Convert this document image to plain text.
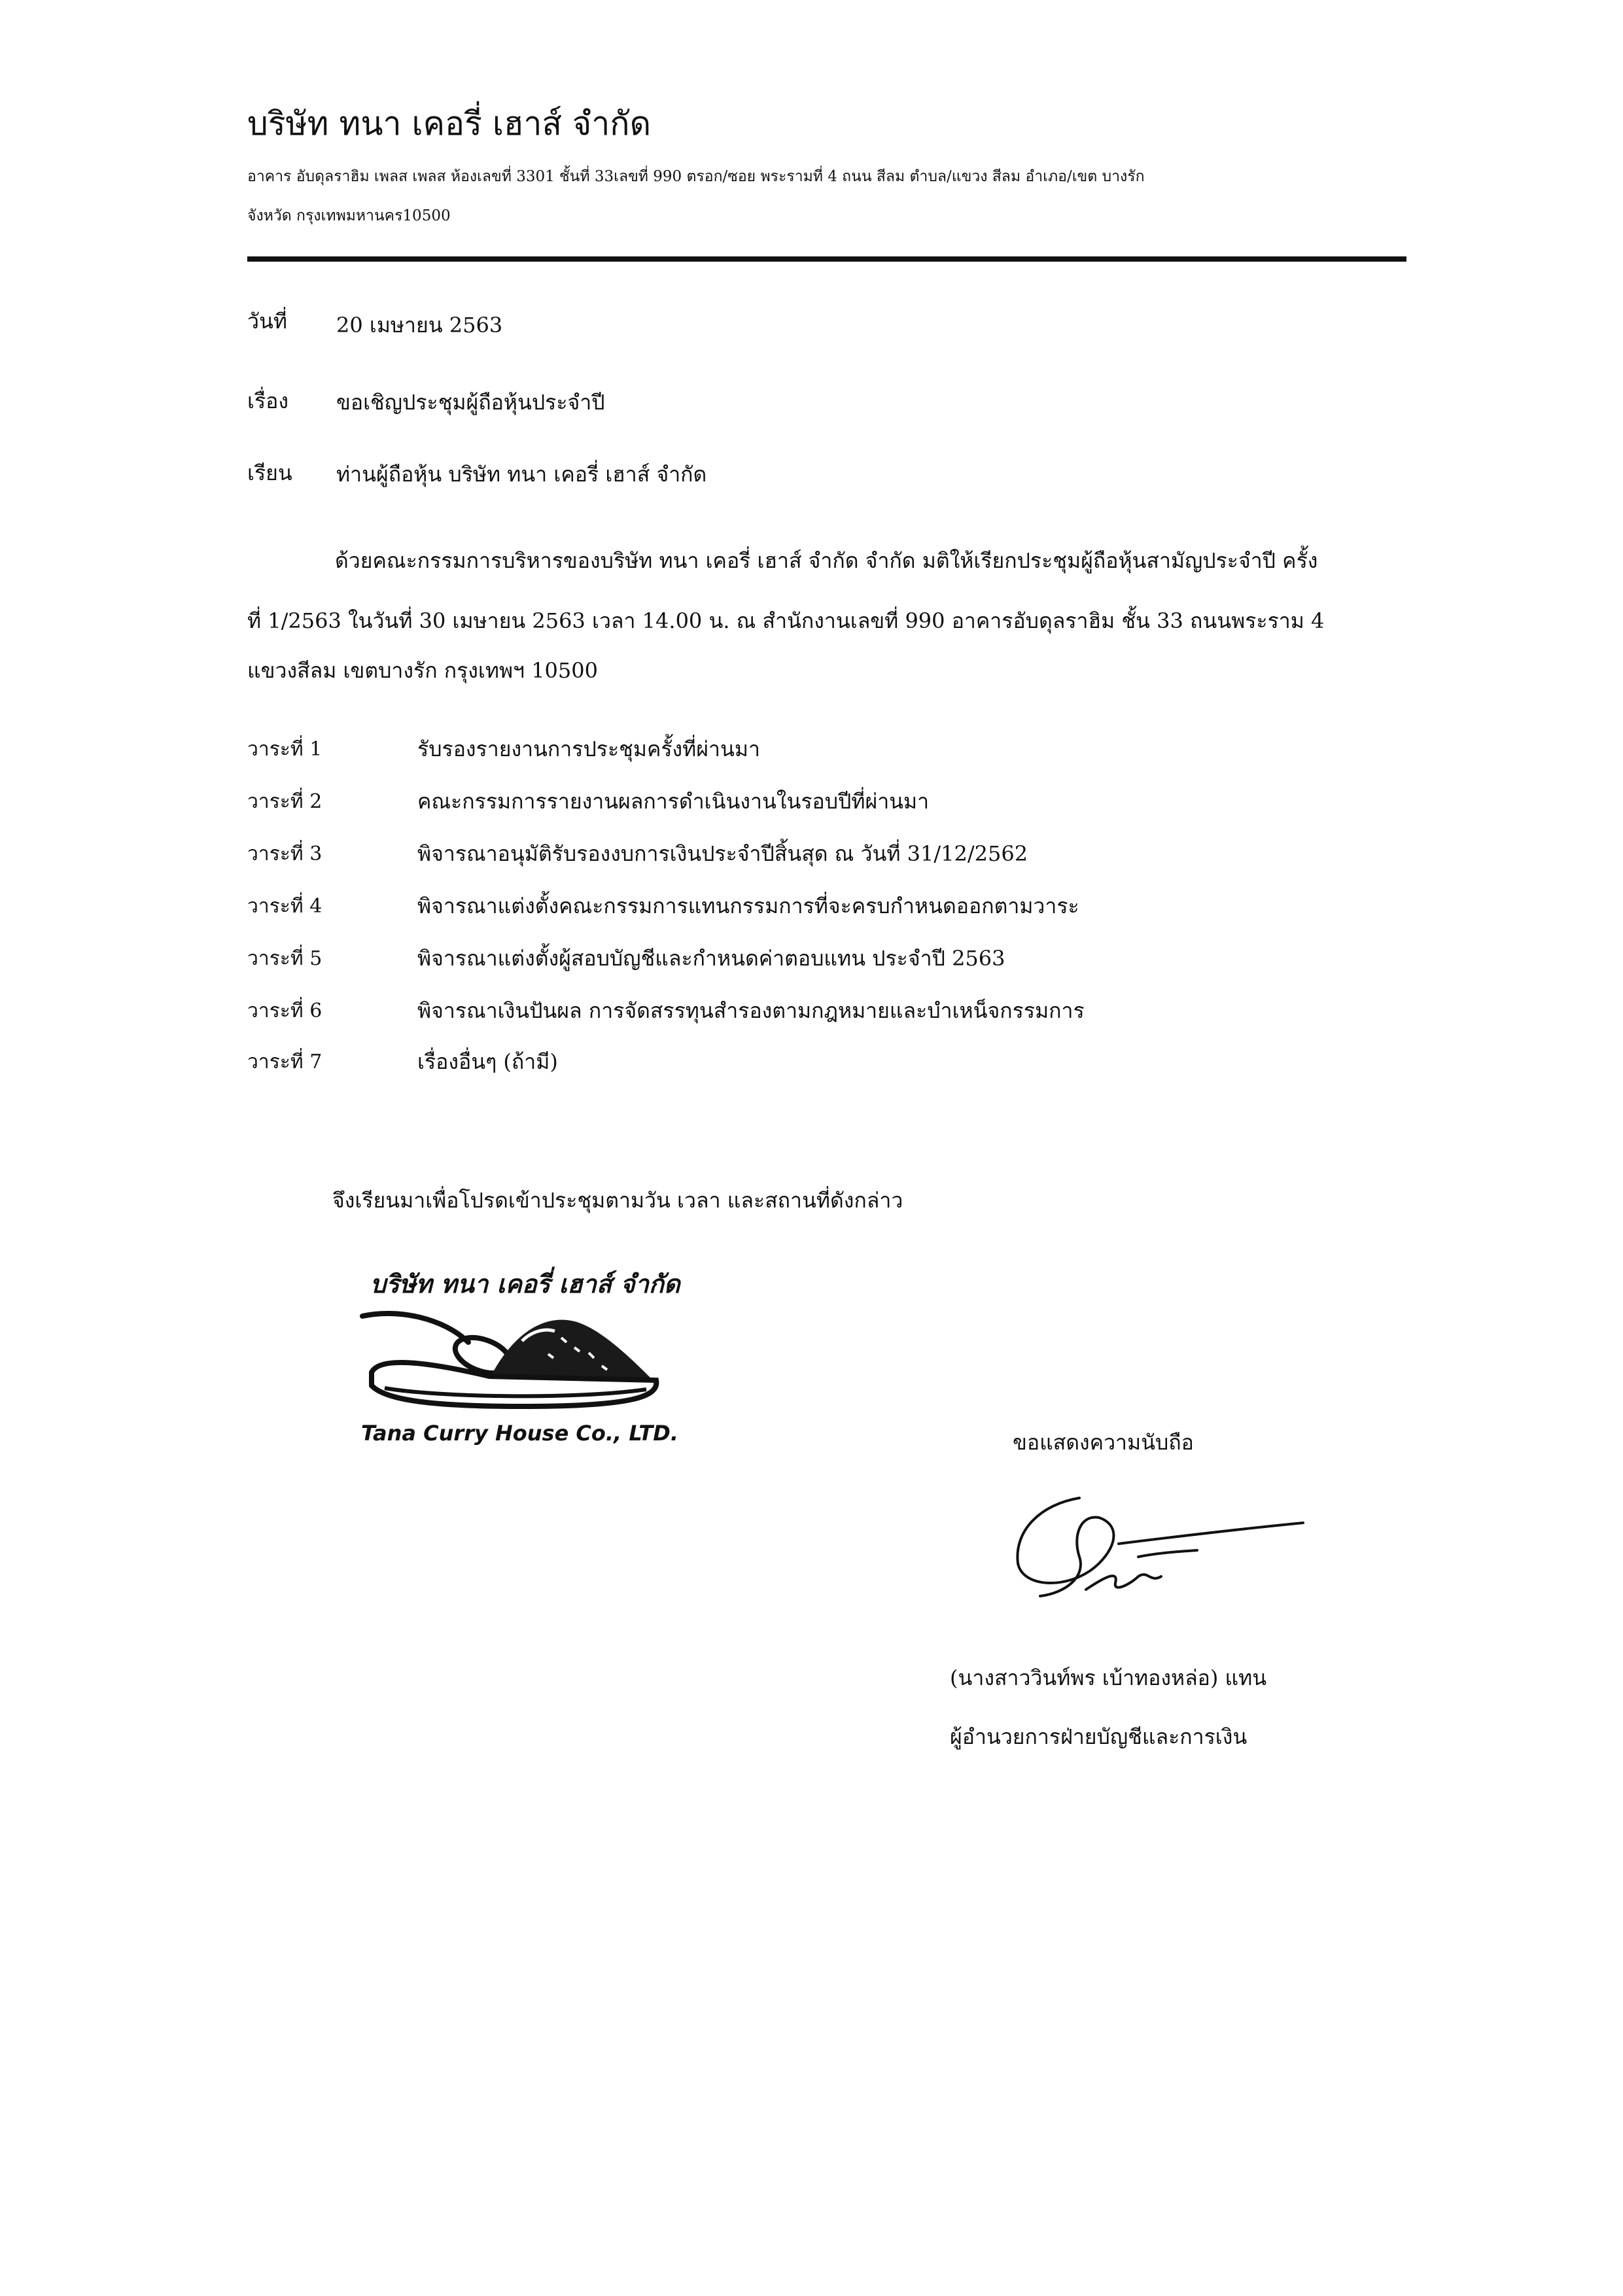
บริษัท ทนา เคอรี่ เฮาส์ จำกัด
อาคาร อับดุลราฮิม เพลส เพลส ห้องเลขที่ 3301 ชั้นที่ 33เลขที่ 990 ตรอก/ซอย พระรามที่ 4 ถนน สีลม ตำบล/แขวง สีลม อำเภอ/เขต บางรัก
จังหวัด กรุงเทพมหานคร10500
วันที่ 20 เมษายน 2563
เรื่อง ขอเชิญประชุมผู้ถือหุ้นประจำปี
เรียน ท่านผู้ถือหุ้น บริษัท ทนา เคอรี่ เฮาส์ จำกัด
ด้วยคณะกรรมการบริหารของบริษัท ทนา เคอรี่ เฮาส์ จำกัด จำกัด มติให้เรียกประชุมผู้ถือหุ้นสามัญประจำปี ครั้ง
ที่ 1/2563 ในวันที่ 30 เมษายน 2563 เวลา 14.00 น. ณ สำนักงานเลขที่ 990 อาคารอับดุลราฮิม ชั้น 33 ถนนพระราม 4
แขวงสีลม เขตบางรัก กรุงเทพฯ 10500
วาระที่ 1	รับรองรายงานการประชุมครั้งที่ผ่านมา
วาระที่ 2	คณะกรรมการรายงานผลการดำเนินงานในรอบปีที่ผ่านมา
วาระที่ 3	พิจารณาอนุมัติรับรองงบการเงินประจำปีสิ้นสุด ณ วันที่ 31/12/2562
วาระที่ 4	พิจารณาแต่งตั้งคณะกรรมการแทนกรรมการที่จะครบกำหนดออกตามวาระ
วาระที่ 5	พิจารณาแต่งตั้งผู้สอบบัญชีและกำหนดค่าตอบแทน ประจำปี 2563
วาระที่ 6	พิจารณาเงินปันผล การจัดสรรทุนสำรองตามกฎหมายและบำเหน็จกรรมการ
วาระที่ 7	เรื่องอื่นๆ (ถ้ามี)
จึงเรียนมาเพื่อโปรดเข้าประชุมตามวัน เวลา และสถานที่ดังกล่าว
บริษัท ทนา เคอรี่ เฮาส์ จำกัด
Tana Curry House Co., LTD.	ขอแสดงความนับถือ
(นางสาววินท์พร เบ้าทองหล่อ) แทน
ผู้อำนวยการฝ่ายบัญชีและการเงิน
